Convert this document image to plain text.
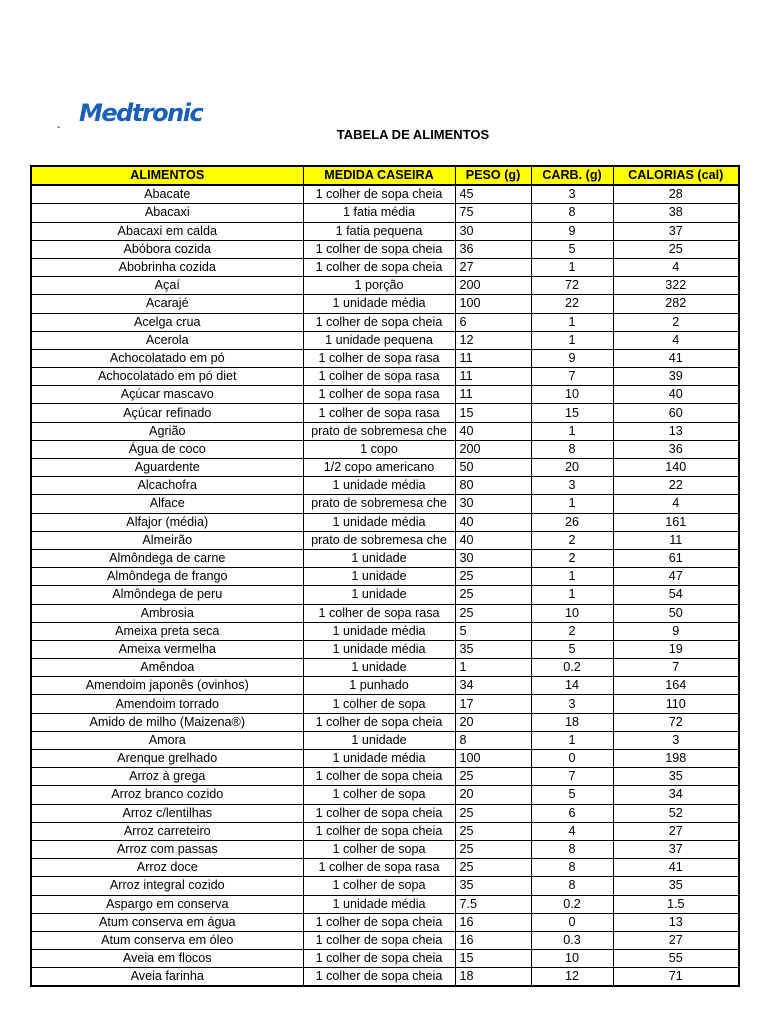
Medtronic
-	TABELA DE ALIMENTOS
ALIMENTOS	MEDIDA CASEIRA	PESO (g)	CARB. (g)	CALORIAS (cal)
Abacate	1 colher de sopa cheia	45	3	28
Abacaxi	1 fatia média	75	8	38
Abacaxi em calda	1 fatia pequena	30	9	37
Abóbora cozida	1 colher de sopa cheia	36	5	25
Abobrinha cozida	1 colher de sopa cheia	27	1	4
Açaí	1 porção	200	72	322
Acarajé	1 unidade média	100	22	282
Acelga crua	1 colher de sopa cheia	6	1	2
Acerola	1 unidade pequena	12	1	4
Achocolatado em pó	1 colher de sopa rasa	11	9	41
Achocolatado em pó diet	1 colher de sopa rasa	11	7	39
Açúcar mascavo	1 colher de sopa rasa	11	10	40
Açúcar refinado	1 colher de sopa rasa	15	15	60
Agrião	prato de sobremesa che	40	1	13
Água de coco	1 copo	200	8	36
Aguardente	1/2 copo americano	50	20	140
Alcachofra	1 unidade média	80	3	22
Alface	prato de sobremesa che	30	1	4
Alfajor (média)	1 unidade média	40	26	161
Almeirão	prato de sobremesa che	40	2	11
Almôndega de carne	1 unidade	30	2	61
Almôndega de frango	1 unidade	25	1	47
Almôndega de peru	1 unidade	25	1	54
Ambrosia	1 colher de sopa rasa	25	10	50
Ameixa preta seca	1 unidade média	5	2	9
Ameixa vermelha	1 unidade média	35	5	19
Amêndoa	1 unidade	1	0.2	7
Amendoim japonês (ovinhos)	1 punhado	34	14	164
Amendoim torrado	1 colher de sopa	17	3	110
Amido de milho (Maizena®)	1 colher de sopa cheia	20	18	72
Amora	1 unidade	8	1	3
Arenque grelhado	1 unidade média	100	0	198
Arroz à grega	1 colher de sopa cheia	25	7	35
Arroz branco cozido	1 colher de sopa	20	5	34
Arroz c/lentilhas	1 colher de sopa cheia	25	6	52
Arroz carreteiro	1 colher de sopa cheia	25	4	27
Arroz com passas	1 colher de sopa	25	8	37
Arroz doce	1 colher de sopa rasa	25	8	41
Arroz integral cozido	1 colher de sopa	35	8	35
Aspargo em conserva	1 unidade média	7.5	0.2	1.5
Atum conserva em água	1 colher de sopa cheia	16	0	13
Atum conserva em óleo	1 colher de sopa cheia	16	0.3	27
Aveia em flocos	1 colher de sopa cheia	15	10	55
Aveia farinha	1 colher de sopa cheia	18	12	71
